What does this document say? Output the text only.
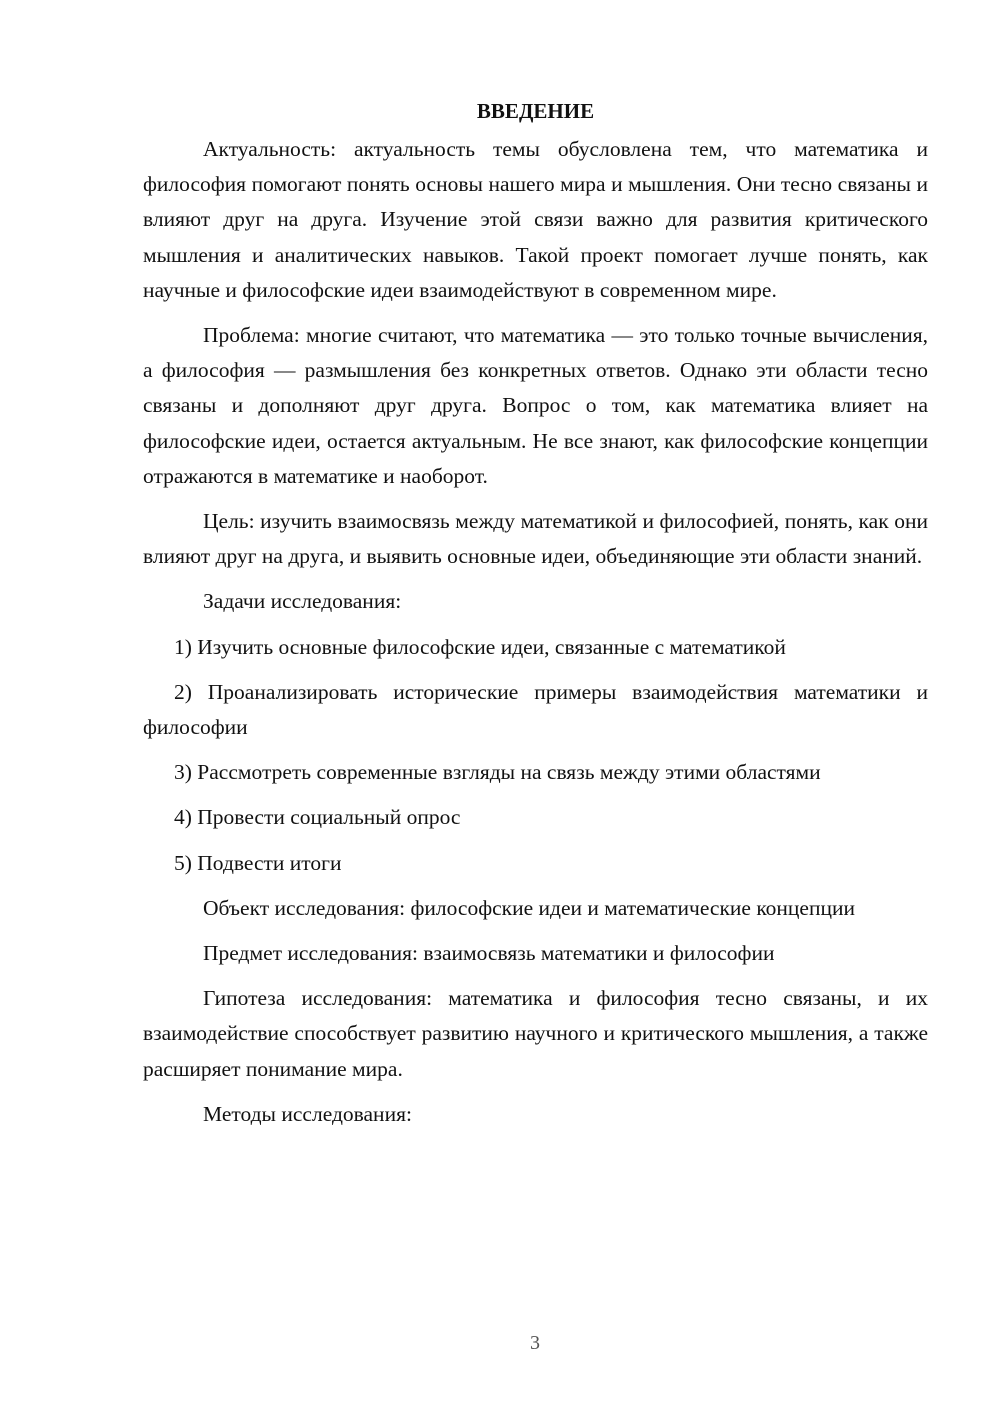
ВВЕДЕНИЕ

Актуальность: актуальность темы обусловлена тем, что математика и философия помогают понять основы нашего мира и мышления. Они тесно связаны и влияют друг на друга. Изучение этой связи важно для развития критического мышления и аналитических навыков. Такой проект помогает лучше понять, как научные и философские идеи взаимодействуют в современном мире.

Проблема: многие считают, что математика — это только точные вычисления, а философия — размышления без конкретных ответов. Однако эти области тесно связаны и дополняют друг друга. Вопрос о том, как математика влияет на философские идеи, остается актуальным. Не все знают, как философские концепции отражаются в математике и наоборот.

Цель: изучить взаимосвязь между математикой и философией, понять, как они влияют друг на друга, и выявить основные идеи, объединяющие эти области знаний.

Задачи исследования:

1) Изучить основные философские идеи, связанные с математикой

2) Проанализировать исторические примеры взаимодействия математики и философии

3) Рассмотреть современные взгляды на связь между этими областями

4) Провести социальный опрос

5) Подвести итоги

Объект исследования: философские идеи и математические концепции

Предмет исследования: взаимосвязь математики и философии

Гипотеза исследования: математика и философия тесно связаны, и их взаимодействие способствует развитию научного и критического мышления, а также расширяет понимание мира.

Методы исследования:

3
